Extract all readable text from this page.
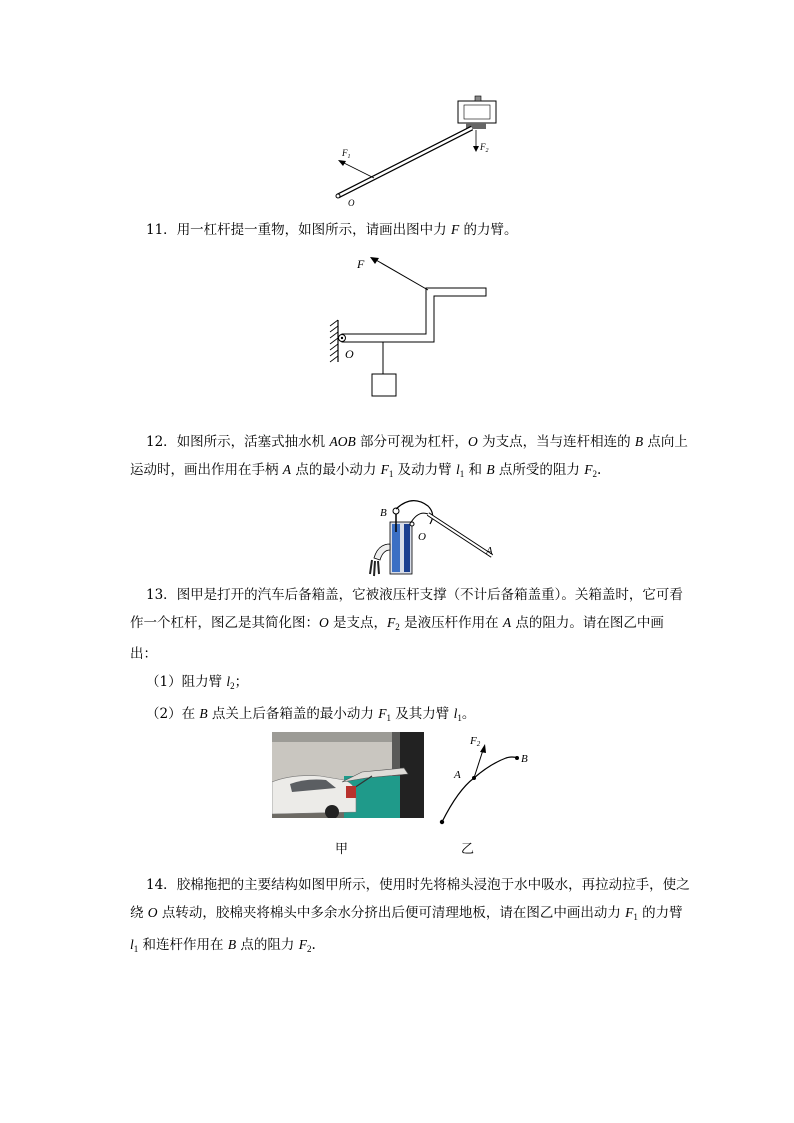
$F_1$
$F_2$
O
11．用一杠杆提一重物，如图所示，请画出图中力 F 的力臂。
F
O
12．如图所示，活塞式抽水机 AOB 部分可视为杠杆，O 为支点，当与连杆相连的 B 点向上运动时，画出作用在手柄 A 点的最小动力 $F_1$ 及动力臂 $l_1$ 和 B 点所受的阻力 $F_2$.
B
O
A
13．图甲是打开的汽车后备箱盖，它被液压杆支撑（不计后备箱盖重）。关箱盖时，它可看作一个杠杆，图乙是其简化图：O 是支点，$F_2$ 是液压杆作用在 A 点的阻力。请在图乙中画出：
（1）阻力臂 $l_2$；
（2）在 B 点关上后备箱盖的最小动力 $F_1$ 及其力臂 $l_1$。
甲
F2
A
B
乙
14．胶棉拖把的主要结构如图甲所示，使用时先将棉头浸泡于水中吸水，再拉动拉手，使之绕 O 点转动，胶棉夹将棉头中多余水分挤出后便可清理地板，请在图乙中画出动力 $F_1$ 的力臂 $l_1$ 和连杆作用在 B 点的阻力 $F_2$.
